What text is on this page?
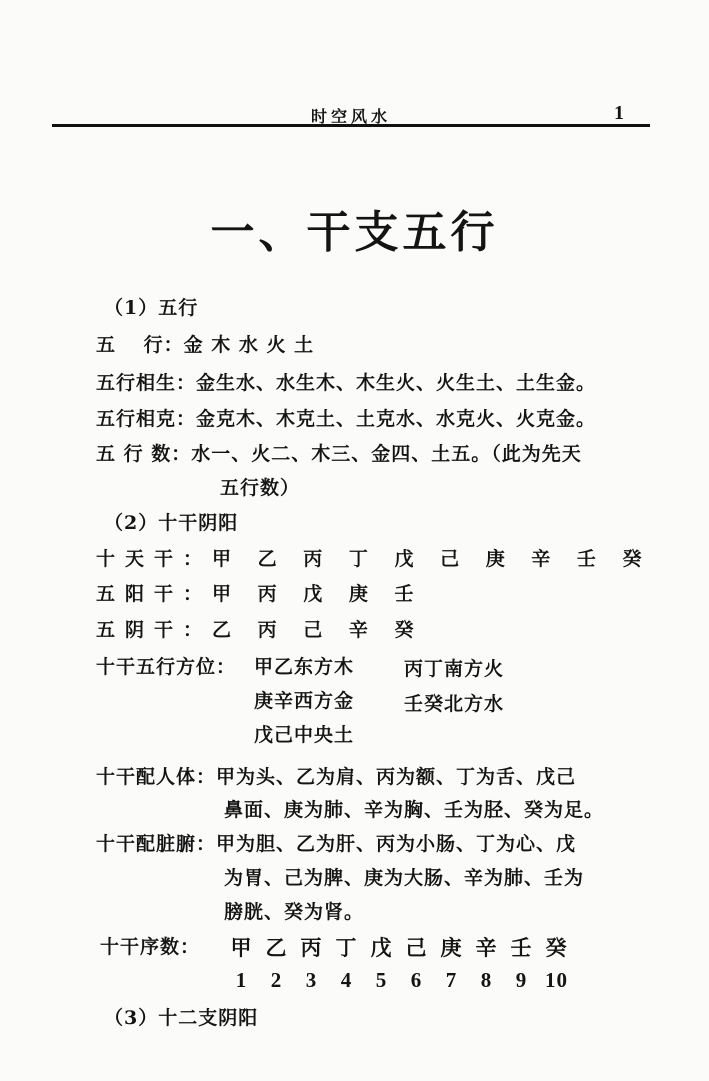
时空风水	1
一、干支五行
（1）五行
五　 行：金 木 水 火 土
五行相生：金生水、水生木、木生火、火生土、土生金。
五行相克：金克木、木克土、土克水、水克火、火克金。
五 行 数：水一、火二、木三、金四、土五。（此为先天
五行数）
（2）十干阴阳
十天干：甲 乙 丙 丁 戊 己 庚 辛 壬 癸
五阳干：甲 丙 戊 庚 壬
五阴干：乙 丙 己 辛 癸
十干五行方位： 甲乙东方木	丙丁南方火
庚辛西方金	壬癸北方水
戊己中央土
十干配人体：甲为头、乙为肩、丙为额、丁为舌、戊己
鼻面、庚为肺、辛为胸、壬为胫、癸为足。
十干配脏腑：甲为胆、乙为肝、丙为小肠、丁为心、戊
为胃、己为脾、庚为大肠、辛为肺、壬为
膀胱、癸为肾。
十干序数：	甲 乙 丙 丁 戊 己 庚 辛 壬 癸
1 2 3 4 5 6 7 8 9 10
（3）十二支阴阳
